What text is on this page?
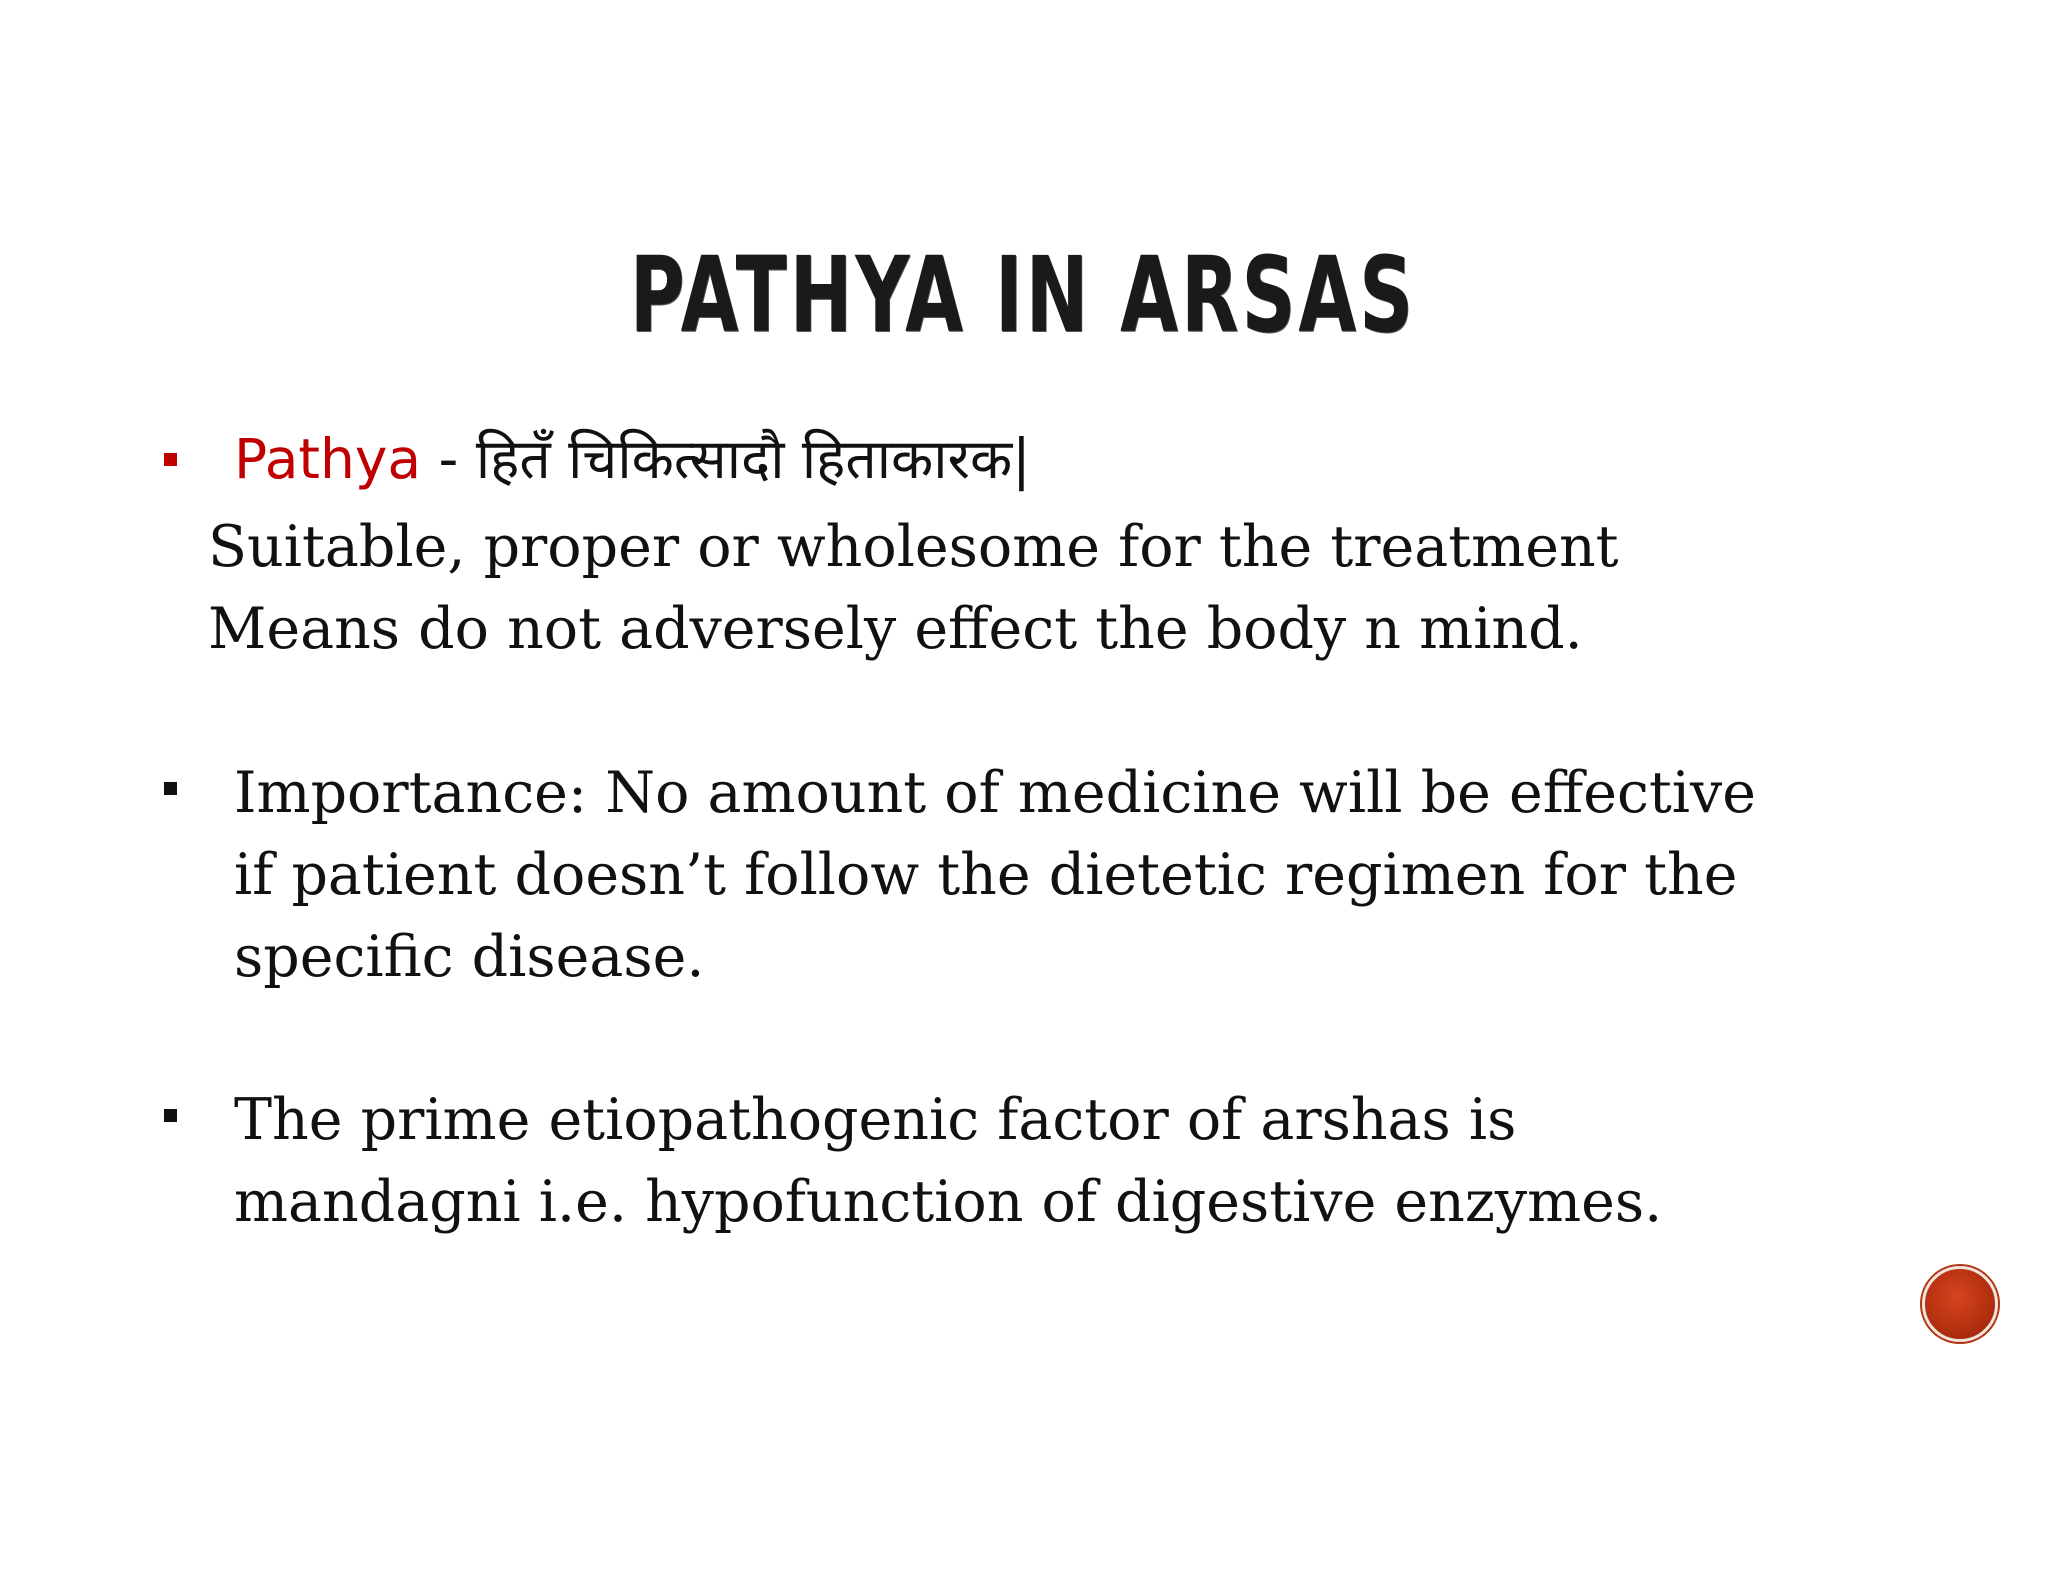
PATHYA IN ARSAS
Pathya - हितँ चिकित्सादौ हिताकारक|
Suitable, proper or wholesome for the treatment
Means do not adversely effect the body n mind.
Importance: No amount of medicine will be effective
if patient doesn’t follow the dietetic regimen for the
specific disease.
The prime etiopathogenic factor of arshas is
mandagni i.e. hypofunction of digestive enzymes.
